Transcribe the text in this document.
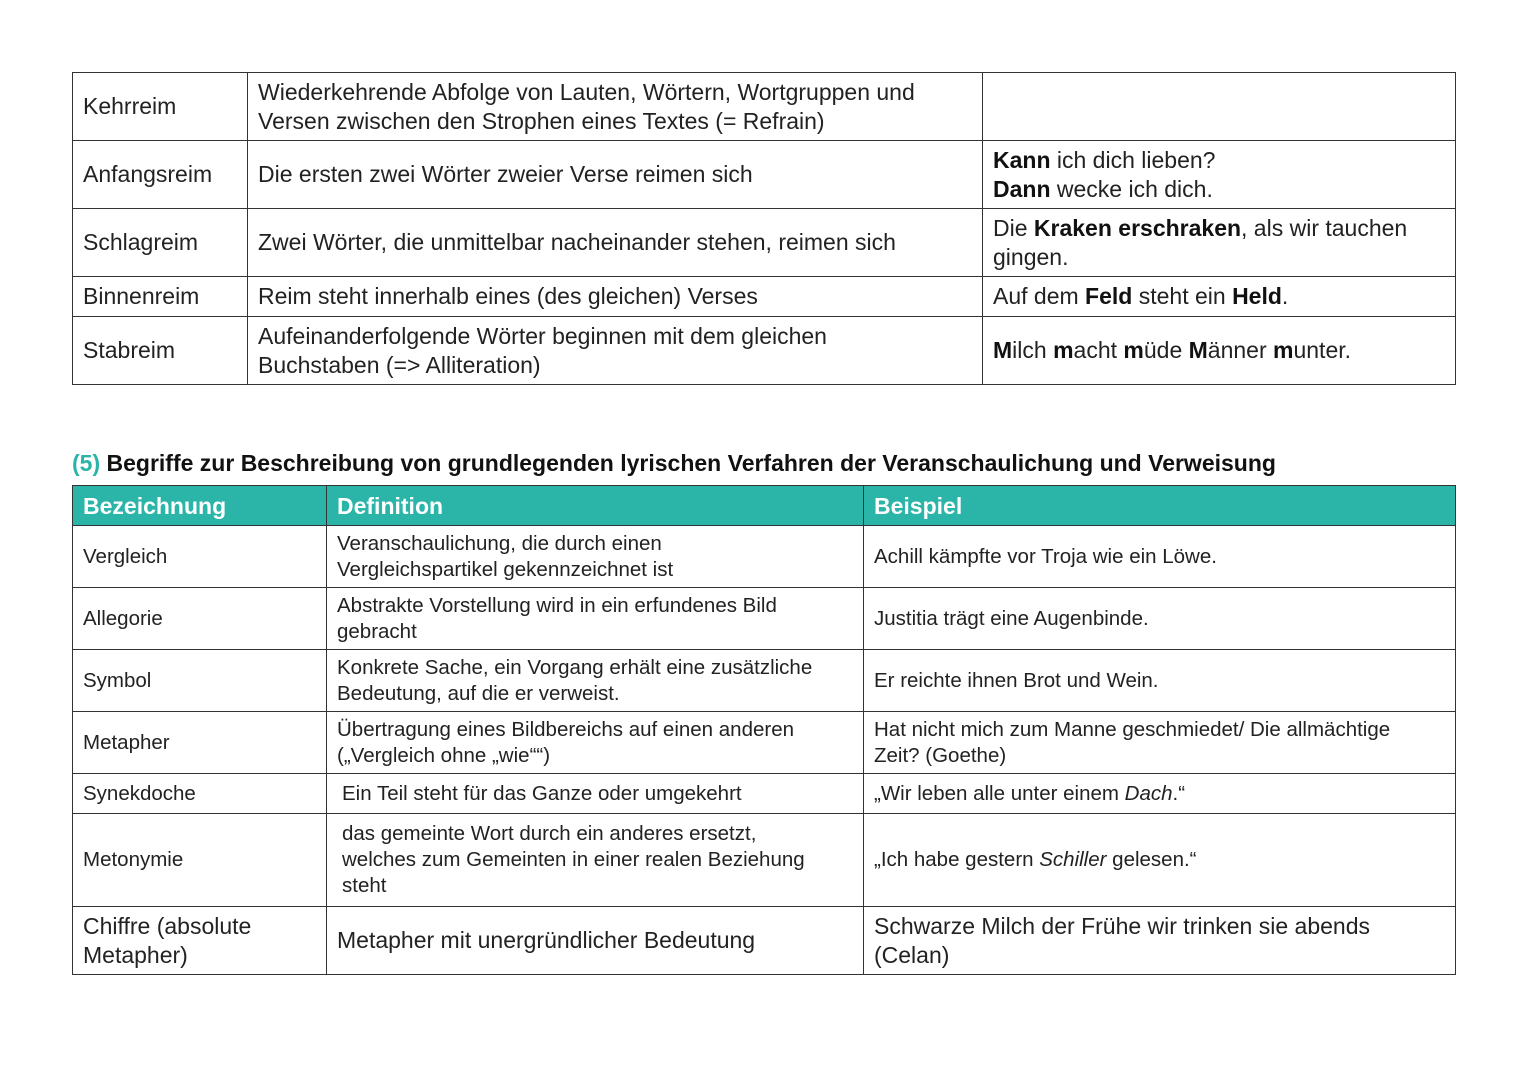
Kehrreim	Wiederkehrende Abfolge von Lauten, Wörtern, Wortgruppen und
Versen zwischen den Strophen eines Textes (= Refrain)	
Anfangsreim	Die ersten zwei Wörter zweier Verse reimen sich	Kann ich dich lieben?
Dann wecke ich dich.
Schlagreim	Zwei Wörter, die unmittelbar nacheinander stehen, reimen sich	Die Kraken erschraken, als wir tauchen
gingen.
Binnenreim	Reim steht innerhalb eines (des gleichen) Verses	Auf dem Feld steht ein Held.
Stabreim	Aufeinanderfolgende Wörter beginnen mit dem gleichen
Buchstaben (=> Alliteration)	Milch macht müde Männer munter.
(5) Begriffe zur Beschreibung von grundlegenden lyrischen Verfahren der Veranschaulichung und Verweisung
Bezeichnung	Definition	Beispiel
Vergleich	Veranschaulichung, die durch einen
Vergleichspartikel gekennzeichnet ist	Achill kämpfte vor Troja wie ein Löwe.
Allegorie	Abstrakte Vorstellung wird in ein erfundenes Bild
gebracht	Justitia trägt eine Augenbinde.
Symbol	Konkrete Sache, ein Vorgang erhält eine zusätzliche
Bedeutung, auf die er verweist.	Er reichte ihnen Brot und Wein.
Metapher	Übertragung eines Bildbereichs auf einen anderen
(„Vergleich ohne „wie““)	Hat nicht mich zum Manne geschmiedet/ Die allmächtige
Zeit? (Goethe)
Synekdoche	Ein Teil steht für das Ganze oder umgekehrt	„Wir leben alle unter einem Dach.“
Metonymie	das gemeinte Wort durch ein anderes ersetzt,
welches zum Gemeinten in einer realen Beziehung
steht	„Ich habe gestern Schiller gelesen.“
Chiffre (absolute
Metapher)	Metapher mit unergründlicher Bedeutung	Schwarze Milch der Frühe wir trinken sie abends
(Celan)
